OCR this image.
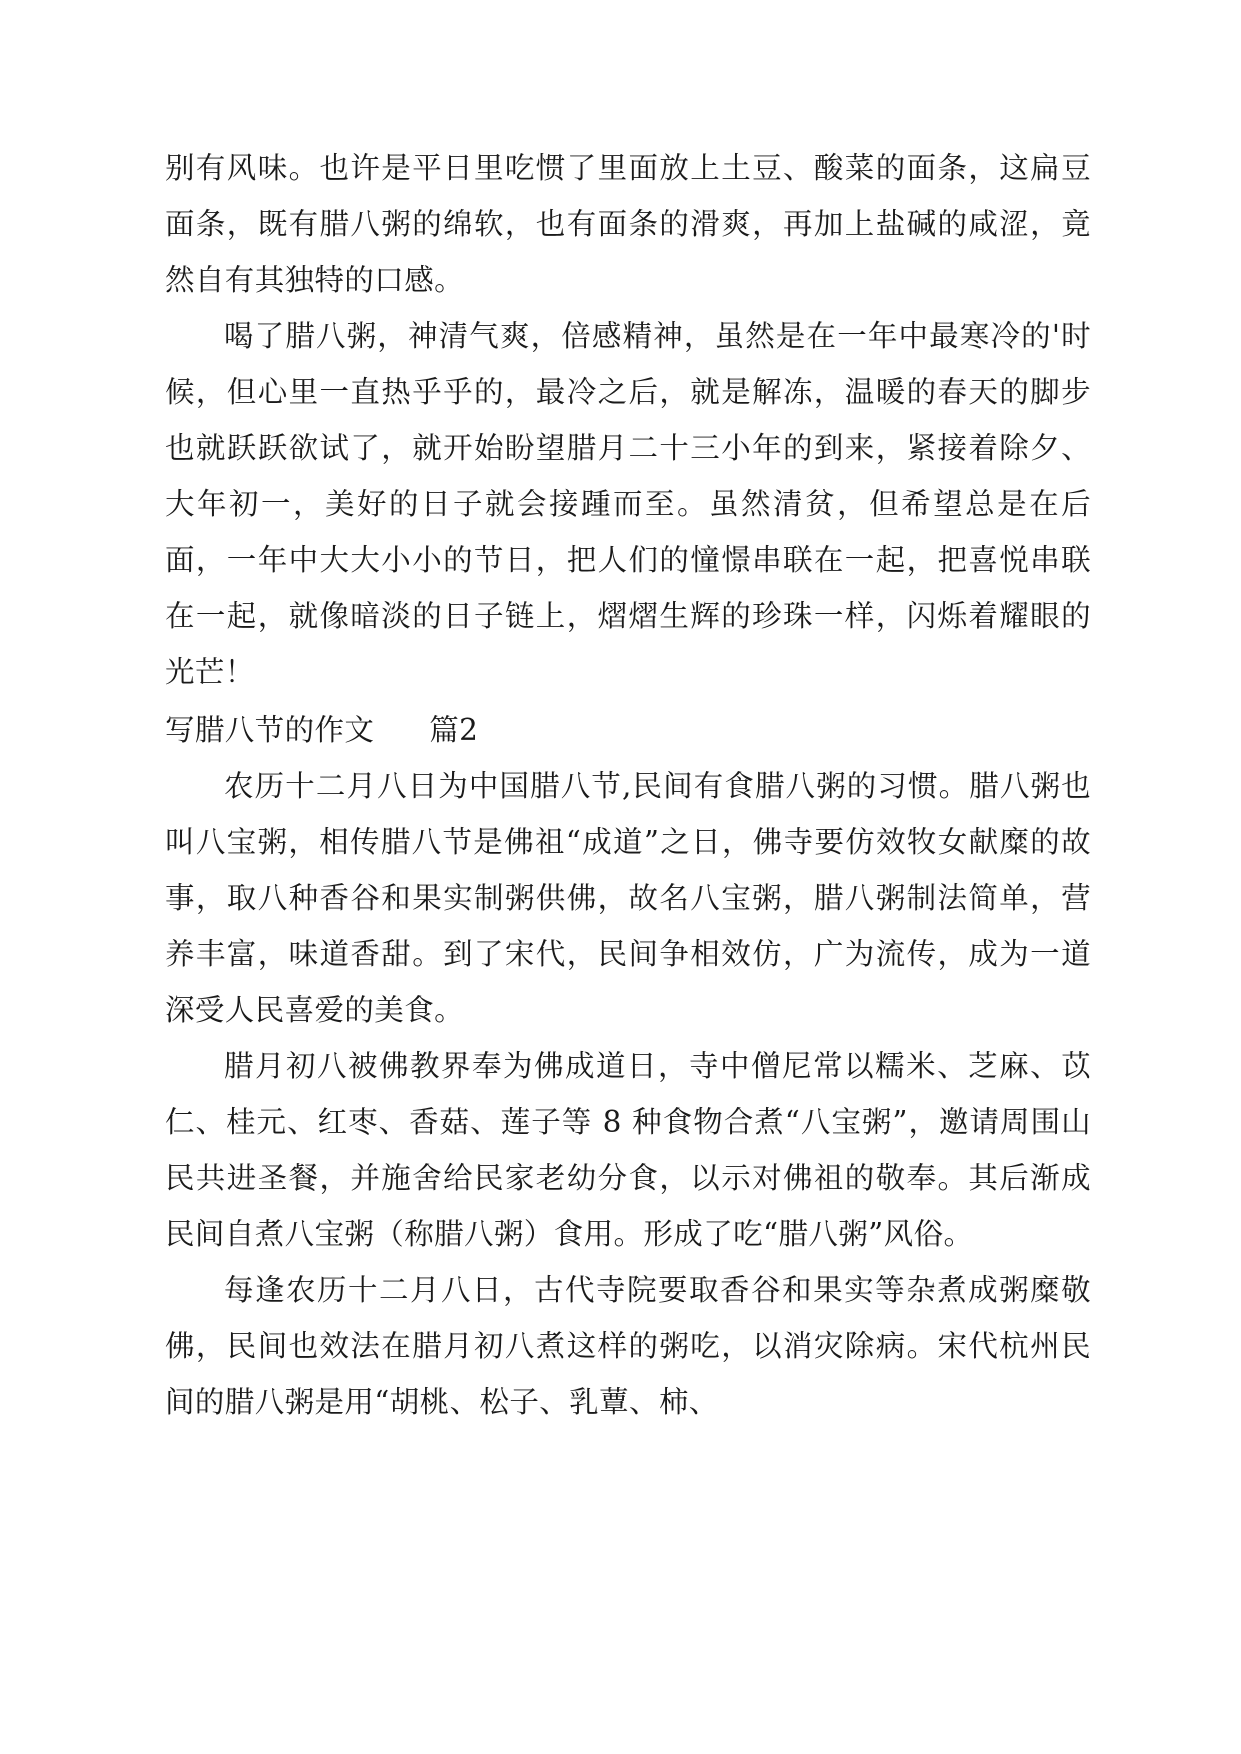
别有风味。也许是平日里吃惯了里面放上土豆、酸菜的面条，这扁豆面条，既有腊八粥的绵软，也有面条的滑爽，再加上盐碱的咸涩，竟然自有其独特的口感。

喝了腊八粥，神清气爽，倍感精神，虽然是在一年中最寒冷的'时候，但心里一直热乎乎的，最冷之后，就是解冻，温暖的春天的脚步也就跃跃欲试了，就开始盼望腊月二十三小年的到来，紧接着除夕、大年初一，美好的日子就会接踵而至。虽然清贫，但希望总是在后面，一年中大大小小的节日，把人们的憧憬串联在一起，把喜悦串联在一起，就像暗淡的日子链上，熠熠生辉的珍珠一样，闪烁着耀眼的光芒！

写腊八节的作文 篇2

农历十二月八日为中国腊八节,民间有食腊八粥的习惯。腊八粥也叫八宝粥，相传腊八节是佛祖“成道”之日，佛寺要仿效牧女献糜的故事，取八种香谷和果实制粥供佛，故名八宝粥，腊八粥制法简单，营养丰富，味道香甜。到了宋代，民间争相效仿，广为流传，成为一道深受人民喜爱的美食。

腊月初八被佛教界奉为佛成道日，寺中僧尼常以糯米、芝麻、苡仁、桂元、红枣、香菇、莲子等 8 种食物合煮“八宝粥”，邀请周围山民共进圣餐，并施舍给民家老幼分食，以示对佛祖的敬奉。其后渐成民间自煮八宝粥（称腊八粥）食用。形成了吃“腊八粥”风俗。

每逢农历十二月八日，古代寺院要取香谷和果实等杂煮成粥糜敬佛，民间也效法在腊月初八煮这样的粥吃，以消灾除病。宋代杭州民间的腊八粥是用“胡桃、松子、乳蕈、柿、
